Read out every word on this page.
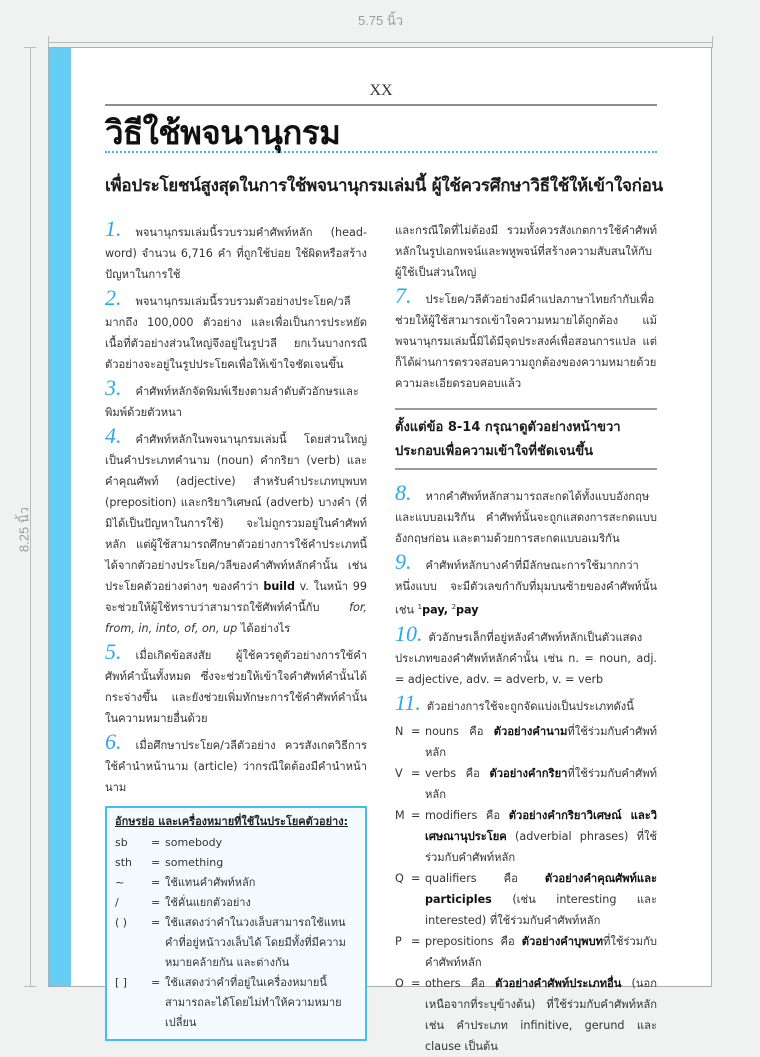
5.75 นิ้ว
8.25 นิ้ว
XX
วิธีใช้พจนานุกรม
เพื่อประโยชน์สูงสุดในการใช้พจนานุกรมเล่มนี้ ผู้ใช้ควรศึกษาวิธีใช้ให้เข้าใจก่อน
1. พจนานุกรมเล่มนี้รวบรวมคำศัพท์หลัก (head-word) จำนวน 6,716 คำ ที่ถูกใช้บ่อย ใช้ผิดหรือสร้างปัญหาในการใช้
2. พจนานุกรมเล่มนี้รวบรวมตัวอย่างประโยค/วลีมากถึง 100,000 ตัวอย่าง และเพื่อเป็นการประหยัดเนื้อที่ตัวอย่างส่วนใหญ่จึงอยู่ในรูปวลี ยกเว้นบางกรณี ตัวอย่างจะอยู่ในรูปประโยคเพื่อให้เข้าใจชัดเจนขึ้น
3. คำศัพท์หลักจัดพิมพ์เรียงตามลำดับตัวอักษรและพิมพ์ด้วยตัวหนา
4. คำศัพท์หลักในพจนานุกรมเล่มนี้ โดยส่วนใหญ่เป็นคำประเภทคำนาม (noun) คำกริยา (verb) และคำคุณศัพท์ (adjective) สำหรับคำประเภทบุพบท (preposition) และกริยาวิเศษณ์ (adverb) บางคำ (ที่มิได้เป็นปัญหาในการใช้) จะไม่ถูกรวมอยู่ในคำศัพท์หลัก แต่ผู้ใช้สามารถศึกษาตัวอย่างการใช้คำประเภทนี้ได้จากตัวอย่างประโยค/วลีของคำศัพท์หลักคำนั้น เช่น ประโยคตัวอย่างต่างๆ ของคำว่า build v. ในหน้า 99 จะช่วยให้ผู้ใช้ทราบว่าสามารถใช้ศัพท์คำนี้กับ	for, from, in, into, of, on, up ได้อย่างไร
5. เมื่อเกิดข้อสงสัย ผู้ใช้ควรดูตัวอย่างการใช้คำศัพท์คำนั้นทั้งหมด ซึ่งจะช่วยให้เข้าใจคำศัพท์คำนั้นได้กระจ่างขึ้น และยังช่วยเพิ่มทักษะการใช้คำศัพท์คำนั้นในความหมายอื่นด้วย
6. เมื่อศึกษาประโยค/วลีตัวอย่าง ควรสังเกตวิธีการใช้คำนำหน้านาม (article) ว่ากรณีใดต้องมีคำนำหน้านาม
อักษรย่อ และเครื่องหมายที่ใช้ในประโยคตัวอย่าง:
sb	= somebody
sth	= something
~	= ใช้แทนคำศัพท์หลัก
/	= ใช้คั่นแยกตัวอย่าง
( )	= ใช้แสดงว่าคำในวงเล็บสามารถใช้แทนคำที่อยู่หน้าวงเล็บได้ โดยมีทั้งที่มีความหมายคล้ายกัน และต่างกัน
[ ]	= ใช้แสดงว่าคำที่อยู่ในเครื่องหมายนี้สามารถละได้โดยไม่ทำให้ความหมายเปลี่ยน
และกรณีใดที่ไม่ต้องมี รวมทั้งควรสังเกตการใช้คำศัพท์หลักในรูปเอกพจน์และพหูพจน์ที่สร้างความสับสนให้กับผู้ใช้เป็นส่วนใหญ่
7. ประโยค/วลีตัวอย่างมีคำแปลภาษาไทยกำกับเพื่อช่วยให้ผู้ใช้สามารถเข้าใจความหมายได้ถูกต้อง แม้พจนานุกรมเล่มนี้มิได้มีจุดประสงค์เพื่อสอนการแปล แต่ก็ได้ผ่านการตรวจสอบความถูกต้องของความหมายด้วยความละเอียดรอบคอบแล้ว
ตั้งแต่ข้อ 8-14 กรุณาดูตัวอย่างหน้าขวาประกอบเพื่อความเข้าใจที่ชัดเจนขึ้น
8. หากคำศัพท์หลักสามารถสะกดได้ทั้งแบบอังกฤษและแบบอเมริกัน คำศัพท์นั้นจะถูกแสดงการสะกดแบบอังกฤษก่อน และตามด้วยการสะกดแบบอเมริกัน
9. คำศัพท์หลักบางคำที่มีลักษณะการใช้มากกว่าหนึ่งแบบ จะมีตัวเลขกำกับที่มุมบนซ้ายของคำศัพท์นั้น เช่น $^1$pay, $^2$pay
10. ตัวอักษรเล็กที่อยู่หลังคำศัพท์หลักเป็นตัวแสดงประเภทของคำศัพท์หลักคำนั้น เช่น n. = noun, adj. = adjective, adv. = adverb, v. = verb
11. ตัวอย่างการใช้จะถูกจัดแบ่งเป็นประเภทดังนี้
N = nouns คือ ตัวอย่างคำนามที่ใช้ร่วมกับคำศัพท์หลัก
V = verbs คือ ตัวอย่างคำกริยาที่ใช้ร่วมกับคำศัพท์หลัก
M = modifiers คือ ตัวอย่างคำกริยาวิเศษณ์ และวิเศษณานุประโยค (adverbial phrases) ที่ใช้ร่วมกับคำศัพท์หลัก
Q = qualifiers คือ ตัวอย่างคำคุณศัพท์และ participles (เช่น interesting และ interested) ที่ใช้ร่วมกับคำศัพท์หลัก
P = prepositions คือ ตัวอย่างคำบุพบทที่ใช้ร่วมกับคำศัพท์หลัก
O = others คือ ตัวอย่างคำศัพท์ประเภทอื่น (นอกเหนือจากที่ระบุข้างต้น) ที่ใช้ร่วมกับคำศัพท์หลัก เช่น คำประเภท infinitive, gerund และ clause เป็นต้น
